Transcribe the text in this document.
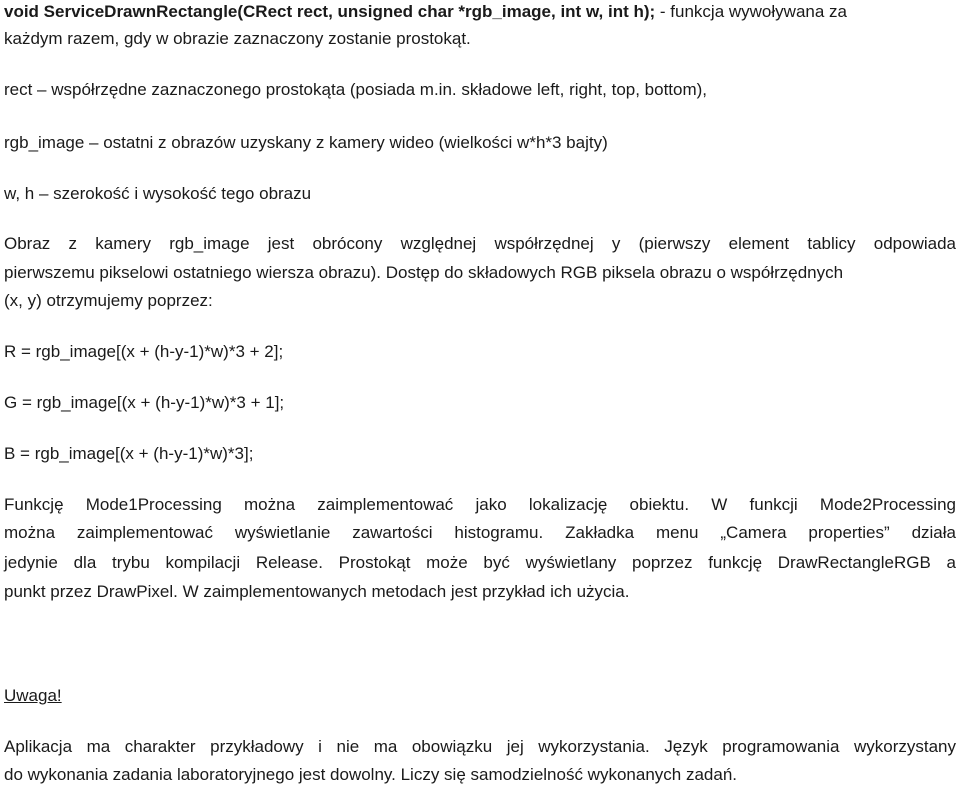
void ServiceDrawnRectangle(CRect rect, unsigned char *rgb_image, int w, int h); - funkcja wywoływana za
każdym razem, gdy w obrazie zaznaczony zostanie prostokąt.
rect – współrzędne zaznaczonego prostokąta (posiada m.in. składowe left, right, top, bottom),
rgb_image – ostatni z obrazów uzyskany z kamery wideo (wielkości w*h*3 bajty)
w, h – szerokość i wysokość tego obrazu
Obraz z kamery rgb_image jest obrócony względnej współrzędnej y (pierwszy element tablicy odpowiada
pierwszemu pikselowi ostatniego wiersza obrazu). Dostęp do składowych RGB piksela obrazu o współrzędnych
(x, y) otrzymujemy poprzez:
R = rgb_image[(x + (h-y-1)*w)*3 + 2];
G = rgb_image[(x + (h-y-1)*w)*3 + 1];
B = rgb_image[(x + (h-y-1)*w)*3];
Funkcję Mode1Processing można zaimplementować jako lokalizację obiektu. W funkcji Mode2Processing
można zaimplementować wyświetlanie zawartości histogramu. Zakładka menu „Camera properties” działa
jedynie dla trybu kompilacji Release. Prostokąt może być wyświetlany poprzez funkcję DrawRectangleRGB a
punkt przez DrawPixel. W zaimplementowanych metodach jest przykład ich użycia.
Uwaga!
Aplikacja ma charakter przykładowy i nie ma obowiązku jej wykorzystania. Język programowania wykorzystany
do wykonania zadania laboratoryjnego jest dowolny. Liczy się samodzielność wykonanych zadań.
